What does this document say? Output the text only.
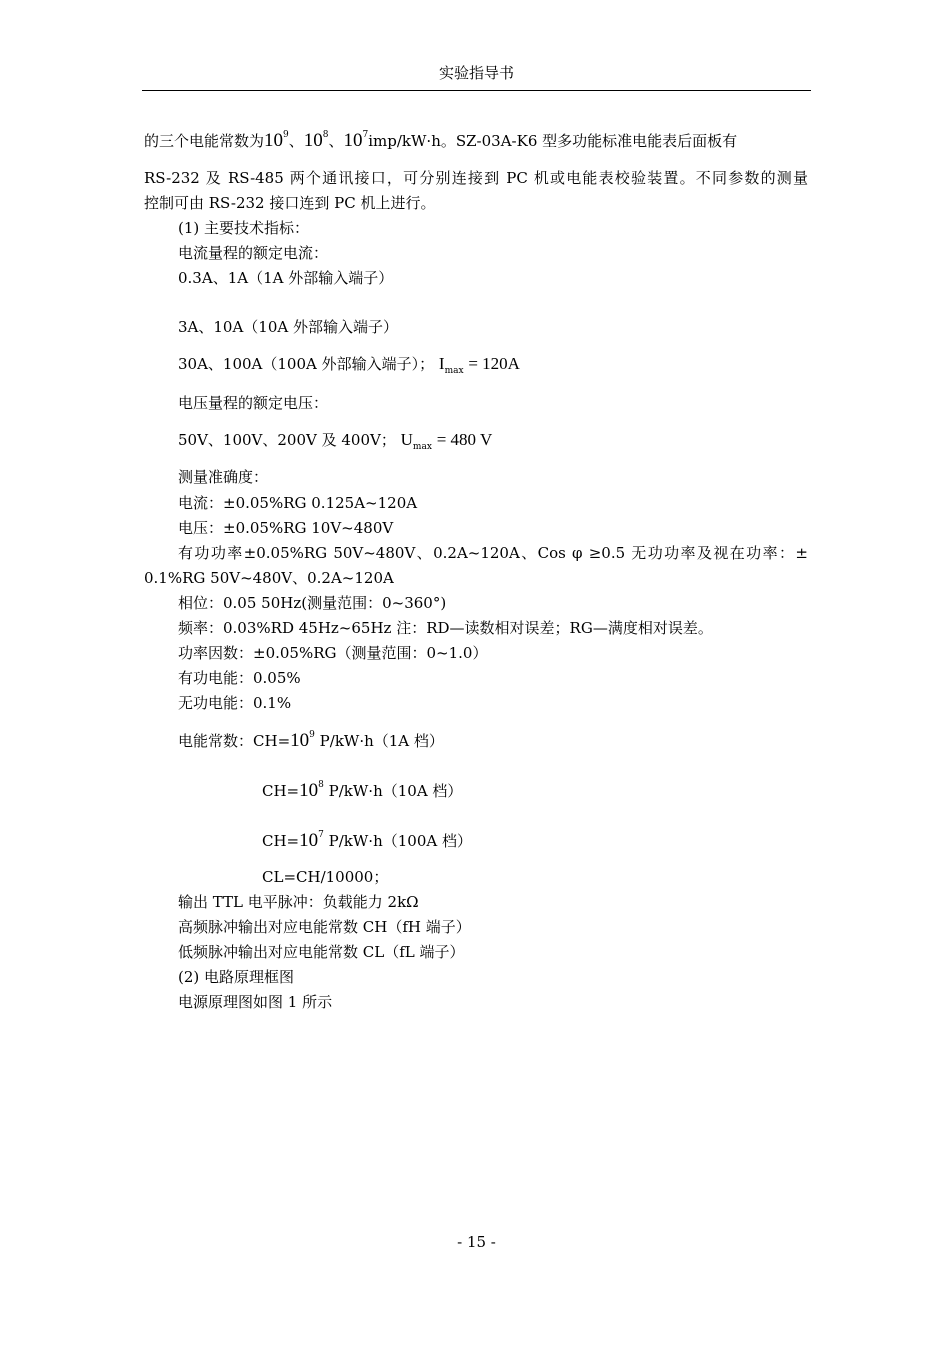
实验指导书
的三个电能常数为$10^9$、$10^8$、$10^7imp/kW\cdot h$。SZ-03A-K6 型多功能标准电能表后面板有
RS-232 及 RS-485 两个通讯接口，可分别连接到 PC 机或电能表校验装置。不同参数的测量
控制可由 RS-232 接口连到 PC 机上进行。
(1) 主要技术指标：
电流量程的额定电流：
0.3A、1A（1A 外部输入端子）
3A、10A（10A 外部输入端子）
30A、100A（100A 外部输入端子）； $I_{max} = 120A$
电压量程的额定电压：
50V、100V、200V 及 400V； $U_{max} = 480$ V
测量准确度：
电流：±0.05%RG 0.125A~120A
电压：±0.05%RG 10V~480V
有功功率±0.05%RG 50V~480V、0.2A~120A、Cos φ ≥0.5 无功功率及视在功率：±
0.1%RG 50V~480V、0.2A~120A
相位：0.05 50Hz(测量范围：0~360°)
频率：0.03%RD 45Hz~65Hz 注：RD—读数相对误差；RG—满度相对误差。
功率因数：±0.05%RG（测量范围：0~1.0）
有功电能：0.05%
无功电能：0.1%
电能常数：$CH=10^9$ P/kW·h（1A 档）
$CH=10^8$ P/kW·h（10A 档）
$CH=10^7$ P/kW·h（100A 档）
CL=CH/10000；
输出 TTL 电平脉冲：负载能力 2kΩ
高频脉冲输出对应电能常数 CH（fH 端子）
低频脉冲输出对应电能常数 CL（fL 端子）
(2) 电路原理框图
电源原理图如图 1 所示
- 15 -
